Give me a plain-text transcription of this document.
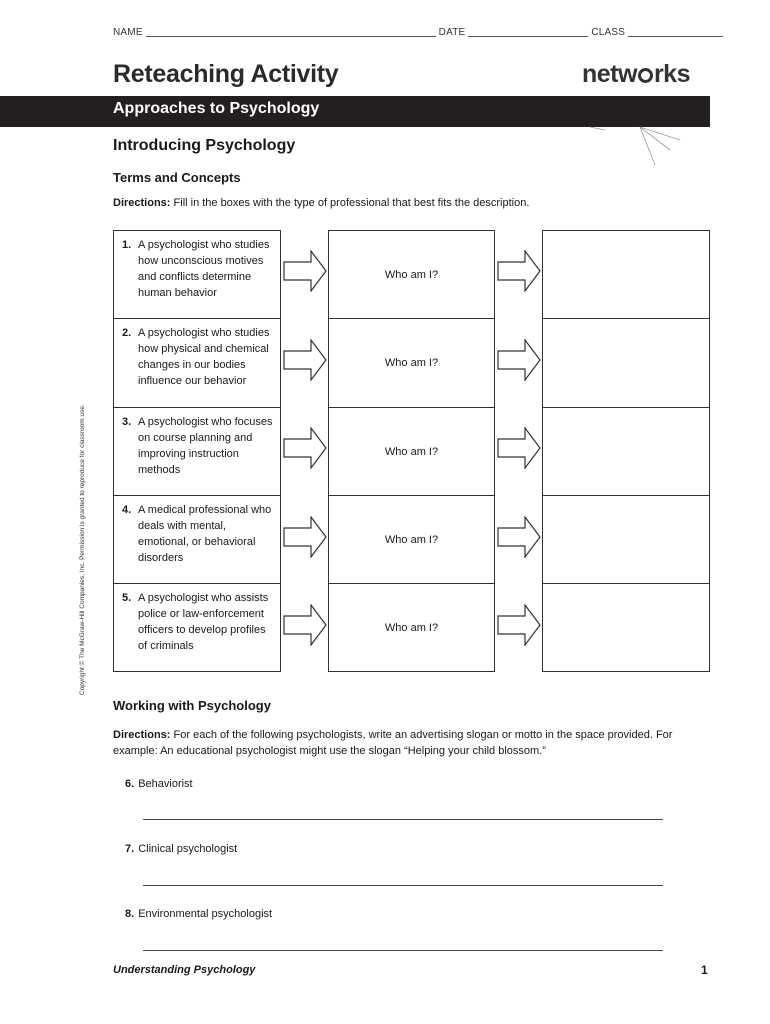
NAME	DATE	CLASS
Reteaching Activity	netw rks
Approaches to Psychology
Introducing Psychology
Terms and Concepts
Directions: Fill in the boxes with the type of professional that best fits the description.
1. A psychologist who studies how unconscious motives and conflicts determine human behavior
Who am I?
2. A psychologist who studies how physical and chemical changes in our bodies influence our behavior
Who am I?
3. A psychologist who focuses on course planning and improving instruction methods
Who am I?
4. A medical professional who deals with mental, emotional, or behavioral disorders
Who am I?
5. A psychologist who assists police or law-enforcement officers to develop profiles of criminals
Who am I?
Working with Psychology
Directions: For each of the following psychologists, write an advertising slogan or motto in the space provided. For example: An educational psychologist might use the slogan “Helping your child blossom.”
6. Behaviorist
7. Clinical psychologist
8. Environmental psychologist
Understanding Psychology	1
Copyright © The McGraw-Hill Companies, Inc. Permission is granted to reproduce for classroom use.
